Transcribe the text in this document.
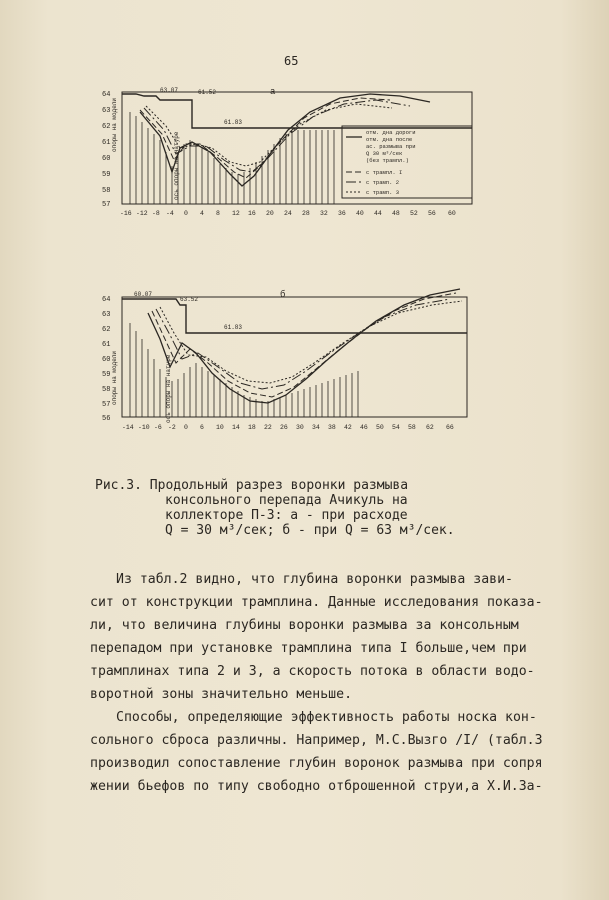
65
64
63
62
61
60
59
58
57
-16 -12 -8 -4 0 4 8 12 16 20 24 28 32 36 40 44 48 52 56 60
a
63.07	61.52
61.83
опоры на модели
ось опоры на натуре	отм. дна дороги
отм. дна после
ас. размыва при
Q 30 м³/сек
(без трампл.)
с трампл. I
с трамп. 2
с трамп. 3
64
63
62
61
60
59
58
57
56
-14 -10 -6 -2 0 6 10 14 18 22 26 30 34 38 42 46 50 54 58 62 66
б
60.07
63.52
61.83
опоры на модели	ось опоры на натуре
Рис.3. Продольный разрез воронки размыва
консольного перепада Ачикуль на
коллекторе П-3: а - при расходе
Q = 30 м³/сек; б - при Q = 63 м³/сек.

Из табл.2 видно, что глубина воронки размыва зави-

сит от конструкции трамплина. Данные исследования показа-

ли, что величина глубины воронки размыва за консольным

перепадом при установке трамплина типа I больше,чем при

трамплинах типа 2 и 3, а скорость потока в области водо-

воротной зоны значительно меньше.

Способы, определяющие эффективность работы носка кон-

сольного сброса различны. Например, М.С.Вызго /I/ (табл.3

производил сопоставление глубин воронок размыва при сопря

жении бьефов по типу свободно отброшенной струи,а Х.И.За-
